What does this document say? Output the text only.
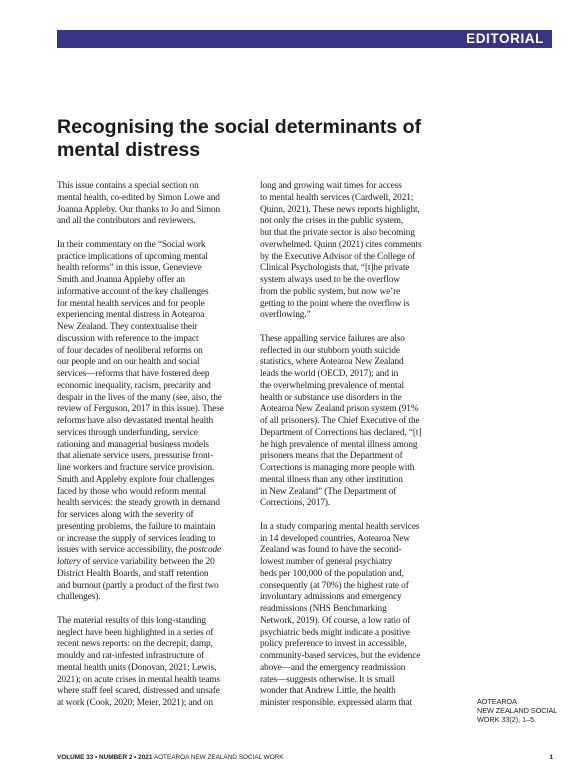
EDITORIAL
Recognising the social determinants of
mental distress

This issue contains a special section on
mental health, co-edited by Simon Lowe and
Joanna Appleby. Our thanks to Jo and Simon
and all the contributors and reviewers.

In their commentary on the “Social work
practice implications of upcoming mental
health reforms” in this issue, Genevieve
Smith and Joanna Appleby offer an
informative account of the key challenges
for mental health services and for people
experiencing mental distress in Aotearoa
New Zealand. They contextualise their
discussion with reference to the impact
of four decades of neoliberal reforms on
our people and on our health and social
services—reforms that have fostered deep
economic inequality, racism, precarity and
despair in the lives of the many (see, also, the
review of Ferguson, 2017 in this issue). These
reforms have also devastated mental health
services through underfunding, service
rationing and managerial business models
that alienate service users, pressurise front-
line workers and fracture service provision.
Smith and Appleby explore four challenges
faced by those who would reform mental
health services: the steady growth in demand
for services along with the severity of
presenting problems, the failure to maintain
or increase the supply of services leading to
issues with service accessibility, the postcode
lottery of service variability between the 20
District Health Boards, and staff retention
and burnout (partly a product of the first two
challenges).

The material results of this long-standing
neglect have been highlighted in a series of
recent news reports: on the decrepit, damp,
mouldy and rat-infested infrastructure of
mental health units (Donovan, 2021; Lewis,
2021); on acute crises in mental health teams
where staff feel scared, distressed and unsafe
at work (Cook, 2020; Meier, 2021); and on

long and growing wait times for access
to mental health services (Cardwell, 2021;
Quinn, 2021). These news reports highlight,
not only the crises in the public system,
but that the private sector is also becoming
overwhelmed. Quinn (2021) cites comments
by the Executive Advisor of the College of
Clinical Psychologists that, “[t]he private
system always used to be the overflow
from the public system, but now we’re
getting to the point where the overflow is
overflowing.”

These appalling service failures are also
reflected in our stubborn youth suicide
statistics, where Aotearoa New Zealand
leads the world (OECD, 2017); and in
the overwhelming prevalence of mental
health or substance use disorders in the
Aotearoa New Zealand prison system (91%
of all prisoners). The Chief Executive of the
Department of Corrections has declared, “[t]
he high prevalence of mental illness among
prisoners means that the Department of
Corrections is managing more people with
mental illness than any other institution
in New Zealand” (The Department of
Corrections, 2017).

In a study comparing mental health services
in 14 developed countries, Aotearoa New
Zealand was found to have the second-
lowest number of general psychiatry
beds per 100,000 of the population and,
consequently (at 70%) the highest rate of
involuntary admissions and emergency
readmissions (NHS Benchmarking
Network, 2019). Of course, a low ratio of
psychiatric beds might indicate a positive
policy preference to invest in accessible,
community-based services, but the evidence
above—and the emergency readmission
rates—suggests otherwise. It is small
wonder that Andrew Little, the health
minister responsible, expressed alarm that	AOTEAROA
NEW ZEALAND SOCIAL
WORK 33(2), 1–5.
VOLUME 33 • NUMBER 2 • 2021 AOTEAROA NEW ZEALAND SOCIAL WORK	1
